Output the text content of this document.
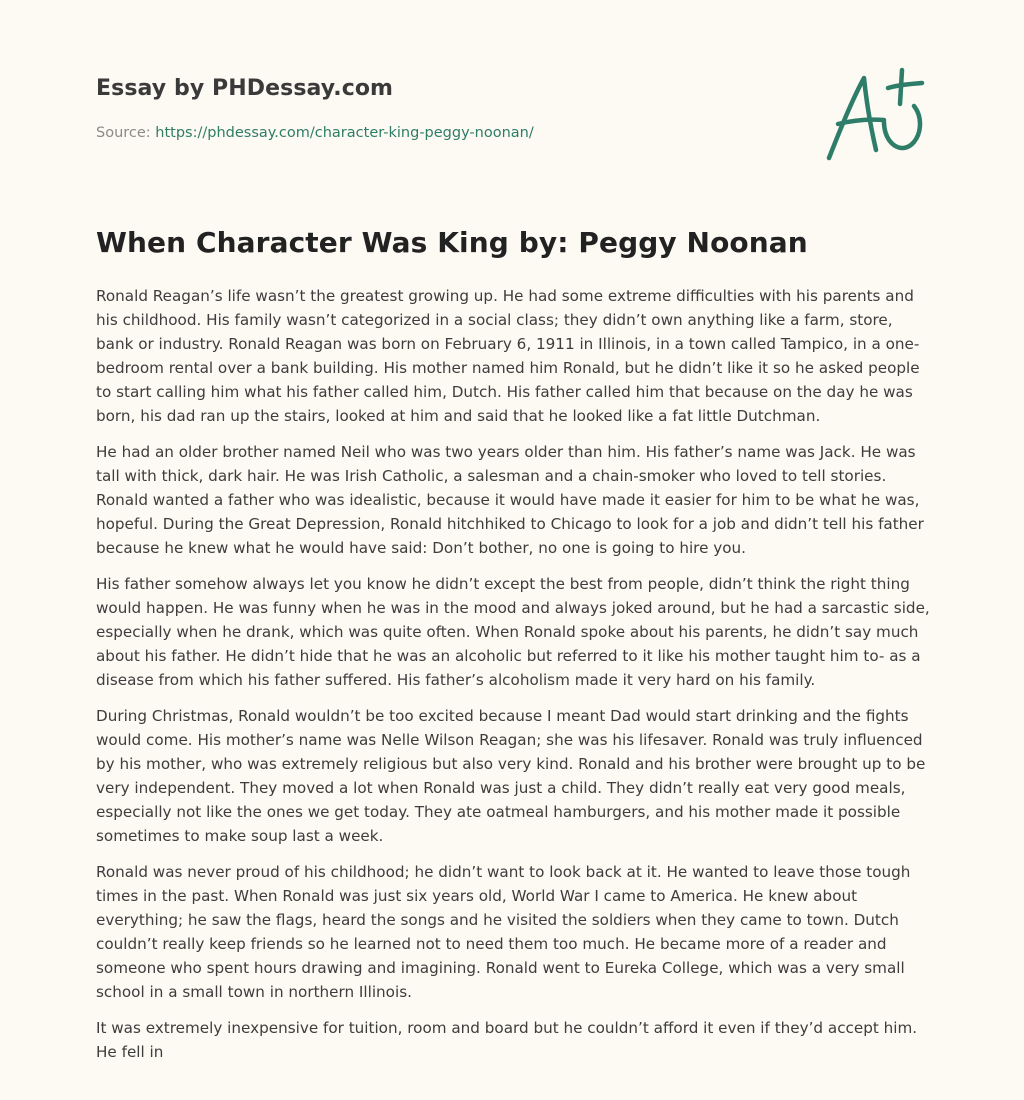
Essay by PHDessay.com
Source: https://phdessay.com/character-king-peggy-noonan/
When Character Was King by: Peggy Noonan

Ronald Reagan’s life wasn’t the greatest growing up. He had some extreme difficulties with his parents and his childhood. His family wasn’t categorized in a social class; they didn’t own anything like a farm, store, bank or industry. Ronald Reagan was born on February 6, 1911 in Illinois, in a town called Tampico, in a one-bedroom rental over a bank building. His mother named him Ronald, but he didn’t like it so he asked people to start calling him what his father called him, Dutch. His father called him that because on the day he was born, his dad ran up the stairs, looked at him and said that he looked like a fat little Dutchman.

He had an older brother named Neil who was two years older than him. His father’s name was Jack. He was tall with thick, dark hair. He was Irish Catholic, a salesman and a chain-smoker who loved to tell stories. Ronald wanted a father who was idealistic, because it would have made it easier for him to be what he was, hopeful. During the Great Depression, Ronald hitchhiked to Chicago to look for a job and didn’t tell his father because he knew what he would have said: Don’t bother, no one is going to hire you.

His father somehow always let you know he didn’t except the best from people, didn’t think the right thing would happen. He was funny when he was in the mood and always joked around, but he had a sarcastic side, especially when he drank, which was quite often. When Ronald spoke about his parents, he didn’t say much about his father. He didn’t hide that he was an alcoholic but referred to it like his mother taught him to- as a disease from which his father suffered. His father’s alcoholism made it very hard on his family.

During Christmas, Ronald wouldn’t be too excited because I meant Dad would start drinking and the fights would come. His mother’s name was Nelle Wilson Reagan; she was his lifesaver. Ronald was truly influenced by his mother, who was extremely religious but also very kind. Ronald and his brother were brought up to be very independent. They moved a lot when Ronald was just a child. They didn’t really eat very good meals, especially not like the ones we get today. They ate oatmeal hamburgers, and his mother made it possible sometimes to make soup last a week.

Ronald was never proud of his childhood; he didn’t want to look back at it. He wanted to leave those tough times in the past. When Ronald was just six years old, World War I came to America. He knew about everything; he saw the flags, heard the songs and he visited the soldiers when they came to town. Dutch couldn’t really keep friends so he learned not to need them too much. He became more of a reader and someone who spent hours drawing and imagining. Ronald went to Eureka College, which was a very small school in a small town in northern Illinois.

It was extremely inexpensive for tuition, room and board but he couldn’t afford it even if they’d accept him. He fell in
